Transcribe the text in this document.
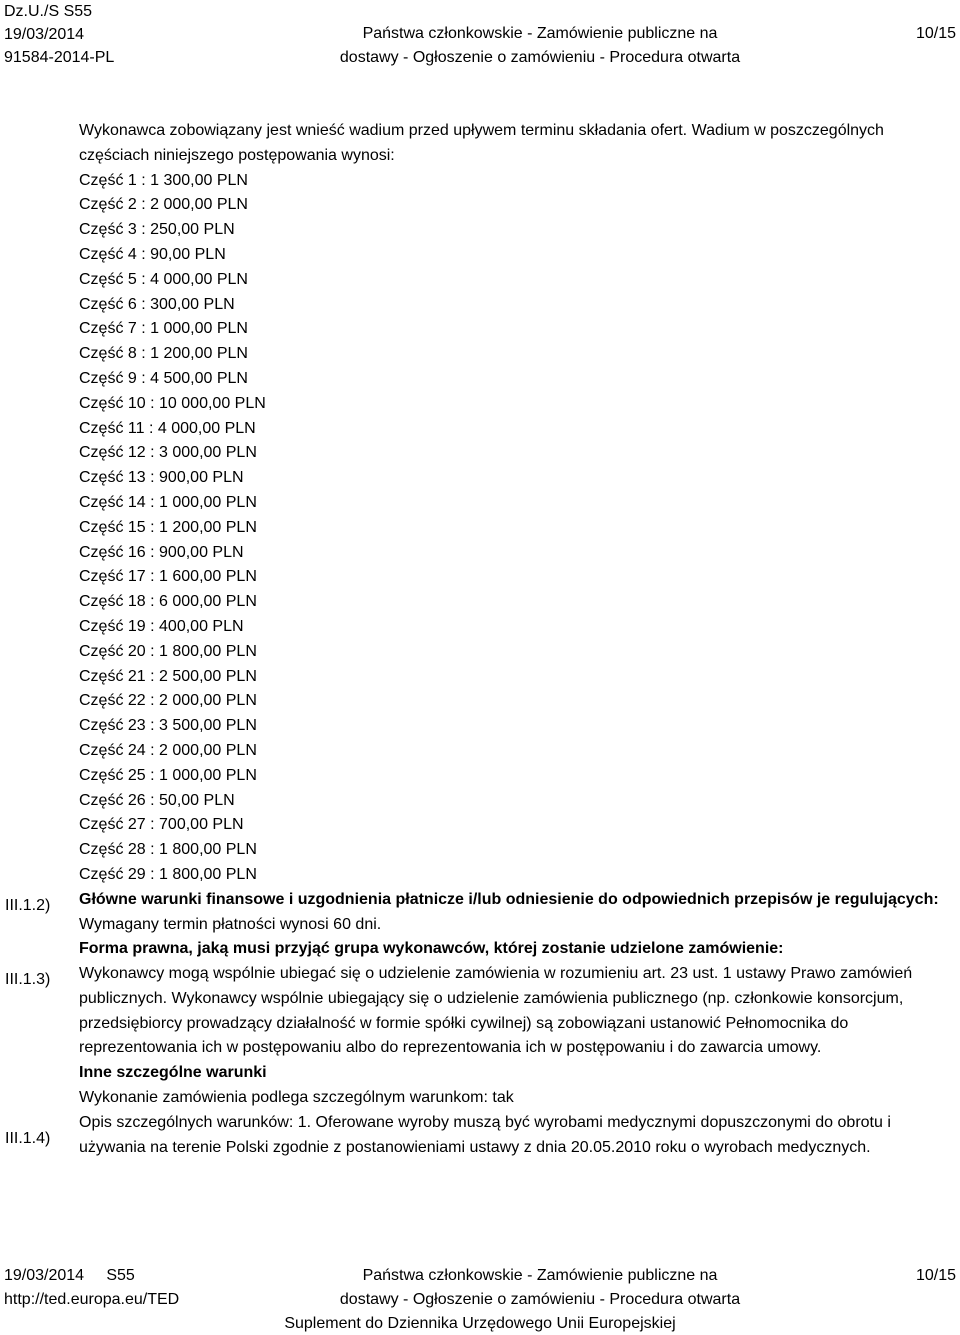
Dz.U./S S55
19/03/2014
91584-2014-PL
Państwa członkowskie - Zamówienie publiczne na
dostawy - Ogłoszenie o zamówieniu - Procedura otwarta
10/15
III.1.2)
III.1.3)
III.1.4)

Wykonawca zobowiązany jest wnieść wadium przed upływem terminu składania ofert. Wadium w poszczególnych częściach niniejszego postępowania wynosi:

Część 1 : 1 300,00 PLN
Część 2 : 2 000,00 PLN
Część 3 : 250,00 PLN
Część 4 : 90,00 PLN
Część 5 : 4 000,00 PLN
Część 6 : 300,00 PLN
Część 7 : 1 000,00 PLN
Część 8 : 1 200,00 PLN
Część 9 : 4 500,00 PLN
Część 10 : 10 000,00 PLN
Część 11 : 4 000,00 PLN
Część 12 : 3 000,00 PLN
Część 13 : 900,00 PLN
Część 14 : 1 000,00 PLN
Część 15 : 1 200,00 PLN
Część 16 : 900,00 PLN
Część 17 : 1 600,00 PLN
Część 18 : 6 000,00 PLN
Część 19 : 400,00 PLN
Część 20 : 1 800,00 PLN
Część 21 : 2 500,00 PLN
Część 22 : 2 000,00 PLN
Część 23 : 3 500,00 PLN
Część 24 : 2 000,00 PLN
Część 25 : 1 000,00 PLN
Część 26 : 50,00 PLN
Część 27 : 700,00 PLN
Część 28 : 1 800,00 PLN
Część 29 : 1 800,00 PLN

Główne warunki finansowe i uzgodnienia płatnicze i/lub odniesienie do odpowiednich przepisów je regulujących:

Wymagany termin płatności wynosi 60 dni.

Forma prawna, jaką musi przyjąć grupa wykonawców, której zostanie udzielone zamówienie:

Wykonawcy mogą wspólnie ubiegać się o udzielenie zamówienia w rozumieniu art. 23 ust. 1 ustawy Prawo zamówień publicznych. Wykonawcy wspólnie ubiegający się o udzielenie zamówienia publicznego (np. członkowie konsorcjum, przedsiębiorcy prowadzący działalność w formie spółki cywilnej) są zobowiązani ustanowić Pełnomocnika do reprezentowania ich w postępowaniu albo do reprezentowania ich w postępowaniu i do zawarcia umowy.

Inne szczególne warunki

Wykonanie zamówienia podlega szczególnym warunkom: tak

Opis szczególnych warunków: 1. Oferowane wyroby muszą być wyrobami medycznymi dopuszczonymi do obrotu i używania na terenie Polski zgodnie z postanowieniami ustawy z dnia 20.05.2010 roku o wyrobach medycznych.

19/03/2014 S55
http://ted.europa.eu/TED
Państwa członkowskie - Zamówienie publiczne na
dostawy - Ogłoszenie o zamówieniu - Procedura otwarta
10/15
Suplement do Dziennika Urzędowego Unii Europejskiej
